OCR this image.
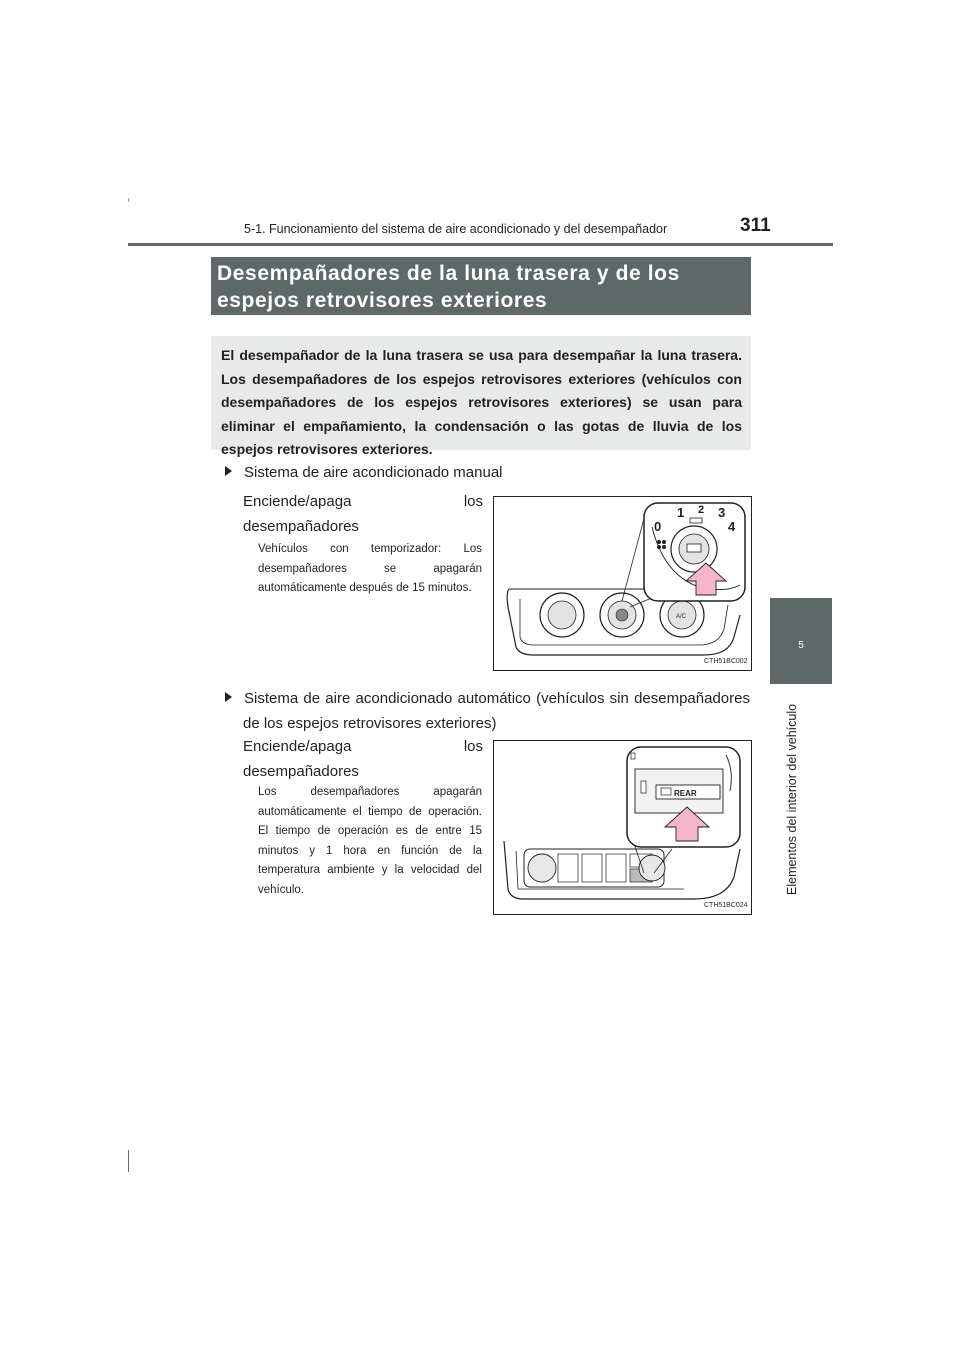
5-1. Funcionamiento del sistema de aire acondicionado y del desempañador	311
5
Elementos del interior del vehículo
Desempañadores de la luna trasera y de los
espejos retrovisores exteriores
El desempañador de la luna trasera se usa para desempañar la luna trasera. Los desempañadores de los espejos retrovisores exteriores (vehículos con desempañadores de los espejos retrovisores exteriores) se usan para eliminar el empañamiento, la condensación o las gotas de lluvia de los espejos retrovisores exteriores.
Sistema de aire acondicionado manual
Enciende/apaga los desempañadores
Vehículos con temporizador: Los desempañadores se apagarán automáticamente después de 15 minutos.
A/C
0
1 2 3
4
CTH51BC002
Sistema de aire acondicionado automático (vehículos sin desempañadores de los espejos retrovisores exteriores)
Enciende/apaga los desempañadores
Los desempañadores apagarán automáticamente el tiempo de operación. El tiempo de operación es de entre 15 minutos y 1 hora en función de la temperatura ambiente y la velocidad del vehículo.
REAR
CTH51BC024
